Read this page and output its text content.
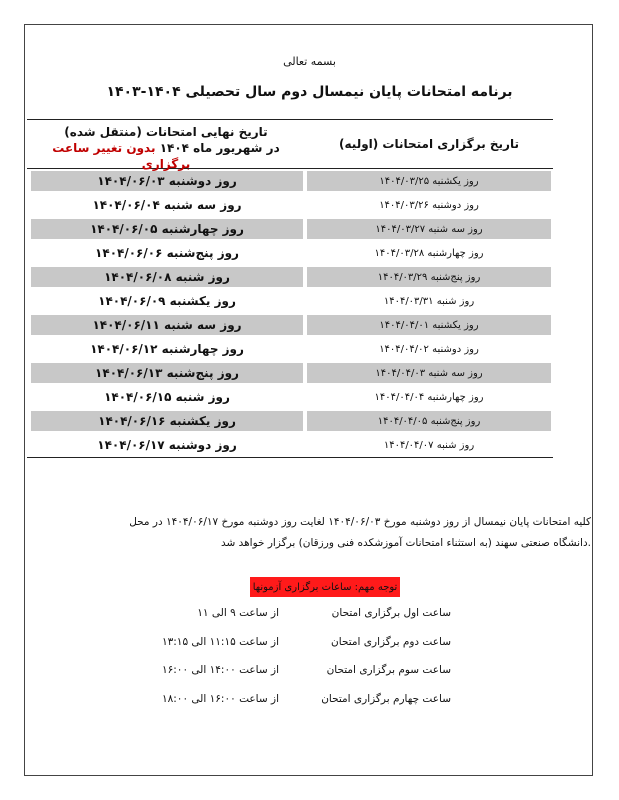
بسمه تعالی
برنامه امتحانات پایان نیمسال دوم سال تحصیلی ۱۴۰۴-۱۴۰۳
تاریخ برگزاری امتحانات (اولیه)
تاریخ نهایی امتحانات (منتقل شده)
در شهریور ماه ۱۴۰۴ بدون تغییر ساعت برگزاری
روز یکشنبه ۱۴۰۴/۰۳/۲۵
روز دوشنبه ۱۴۰۴/۰۶/۰۳
روز دوشنبه ۱۴۰۴/۰۳/۲۶
روز سه شنبه ۱۴۰۴/۰۶/۰۴
روز سه شنبه ۱۴۰۴/۰۳/۲۷
روز چهارشنبه ۱۴۰۴/۰۶/۰۵
روز چهارشنبه ۱۴۰۴/۰۳/۲۸
روز پنج‌شنبه ۱۴۰۴/۰۶/۰۶
روز پنج‌شنبه ۱۴۰۴/۰۳/۲۹
روز شنبه ۱۴۰۴/۰۶/۰۸
روز شنبه ۱۴۰۴/۰۳/۳۱
روز یکشنبه ۱۴۰۴/۰۶/۰۹
روز یکشنبه ۱۴۰۴/۰۴/۰۱
روز سه شنبه ۱۴۰۴/۰۶/۱۱
روز دوشنبه ۱۴۰۴/۰۴/۰۲
روز چهارشنبه ۱۴۰۴/۰۶/۱۲
روز سه شنبه ۱۴۰۴/۰۴/۰۳
روز پنج‌شنبه ۱۴۰۴/۰۶/۱۳
روز چهارشنبه ۱۴۰۴/۰۴/۰۴
روز شنبه ۱۴۰۴/۰۶/۱۵
روز پنج‌شنبه ۱۴۰۴/۰۴/۰۵
روز یکشنبه ۱۴۰۴/۰۶/۱۶
روز شنبه ۱۴۰۴/۰۴/۰۷
روز دوشنبه ۱۴۰۴/۰۶/۱۷
کلیه امتحانات پایان نیمسال از روز دوشنبه مورخ ۱۴۰۴/۰۶/۰۳ لغایت روز دوشنبه مورخ ۱۴۰۴/۰۶/۱۷ در محل
دانشگاه صنعتی سهند (به استثناء امتحانات آموزشکده فنی ورزقان) برگزار خواهد شد.
توجه مهم: ساعات برگزاری آزمونها
ساعت اول برگزاری امتحان
از ساعت ۹ الی ۱۱
ساعت دوم برگزاری امتحان
از ساعت ۱۱:۱۵ الی ۱۳:۱۵
ساعت سوم برگزاری امتحان
از ساعت ۱۴:۰۰ الی ۱۶:۰۰
ساعت چهارم برگزاری امتحان
از ساعت ۱۶:۰۰ الی ۱۸:۰۰
